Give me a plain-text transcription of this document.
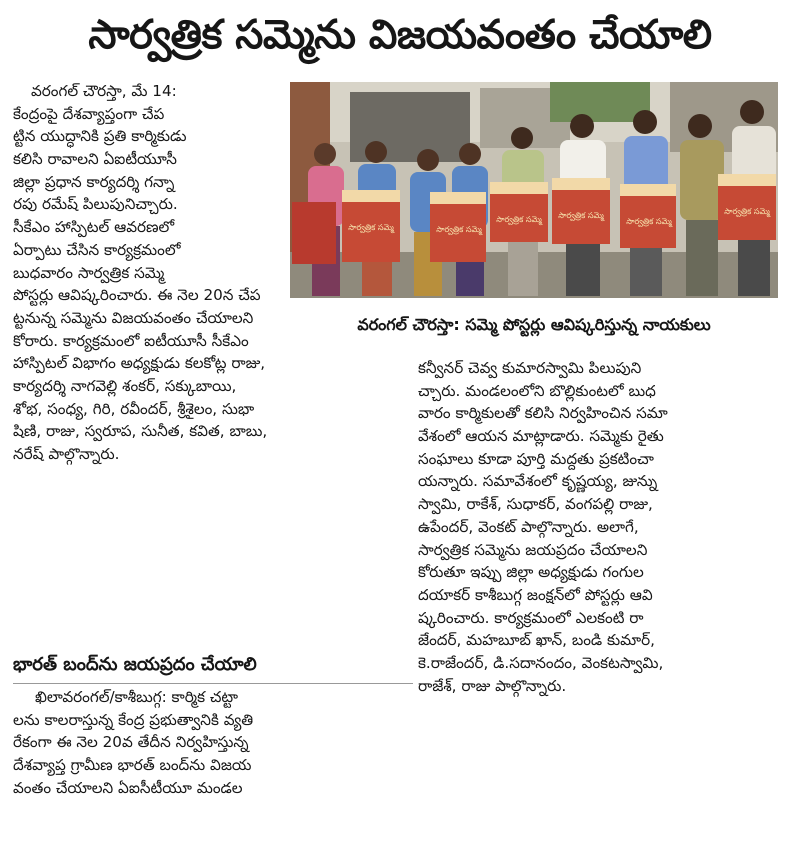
సార్వత్రిక సమ్మెను విజయవంతం చేయాలి
వరంగల్ చౌరస్తా, మే 14:
కేంద్రంపై దేశవ్యాప్తంగా చేప
ట్టిన యుద్ధానికి ప్రతి కార్మికుడు
కలిసి రావాలని ఏఐటీయూసీ
జిల్లా ప్రధాన కార్యదర్శి గన్నా
రపు రమేష్ పిలుపునిచ్చారు.
సీకేఎం హాస్పిటల్ ఆవరణలో
ఏర్పాటు చేసిన కార్యక్రమంలో
బుధవారం సార్వత్రిక సమ్మె
పోస్టర్లు ఆవిష్కరించారు. ఈ నెల 20న చేప
ట్టనున్న సమ్మెను విజయవంతం చేయాలని
కోరారు. కార్యక్రమంలో ఐటీయూసీ సీకేఎం
హాస్పిటల్ విభాగం అధ్యక్షుడు కలకోట్ల రాజు,
కార్యదర్శి నాగవెల్లి శంకర్, సక్కుబాయి,
శోభ, సంధ్య, గిరి, రవీందర్, శ్రీశైలం, సుభా
షిణి, రాజు, స్వరూప, సునీత, కవిత, బాబు,
నరేష్ పాల్గొన్నారు.
సార్వత్రిక సమ్మె	సార్వత్రిక సమ్మె
సార్వత్రిక సమ్మె సార్వత్రిక సమ్మె
సార్వత్రిక సమ్మె
సార్వత్రిక సమ్మె
వరంగల్ చౌరస్తా: సమ్మె పోస్టర్లు ఆవిష్కరిస్తున్న నాయకులు
కన్వీనర్ చెవ్వ కుమారస్వామి పిలుపుని
చ్చారు. మండలంలోని బొల్లికుంటలో బుధ
వారం కార్మికులతో కలిసి నిర్వహించిన సమా
వేశంలో ఆయన మాట్లాడారు. సమ్మెకు రైతు
సంఘాలు కూడా పూర్తి మద్దతు ప్రకటించా
యన్నారు. సమావేశంలో కృష్ణయ్య, జున్ను
స్వామి, రాకేశ్, సుధాకర్, వంగపల్లి రాజు,
ఉపేందర్, వెంకట్ పాల్గొన్నారు. అలాగే,
సార్వత్రిక సమ్మెను జయప్రదం చేయాలని
కోరుతూ ఇప్పు జిల్లా అధ్యక్షుడు గంగుల
దయాకర్ కాశీబుగ్గ జంక్షన్‌లో పోస్టర్లు ఆవి
ష్కరించారు. కార్యక్రమంలో ఎలకంటి రా
జేందర్, మహబూబ్ ఖాన్, బండి కుమార్,
కె.రాజేందర్, డి.సదానందం, వెంకటస్వామి,
రాజేశ్, రాజు పాల్గొన్నారు.
భారత్ బంద్‌ను జయప్రదం చేయాలి
ఖిలావరంగల్/కాశీబుగ్గ: కార్మిక చట్టా
లను కాలరాస్తున్న కేంద్ర ప్రభుత్వానికి వ్యతి
రేకంగా ఈ నెల 20వ తేదీన నిర్వహిస్తున్న
దేశవ్యాప్త గ్రామీణ భారత్ బంద్‌ను విజయ
వంతం చేయాలని ఏఐసీటీయూ మండల
